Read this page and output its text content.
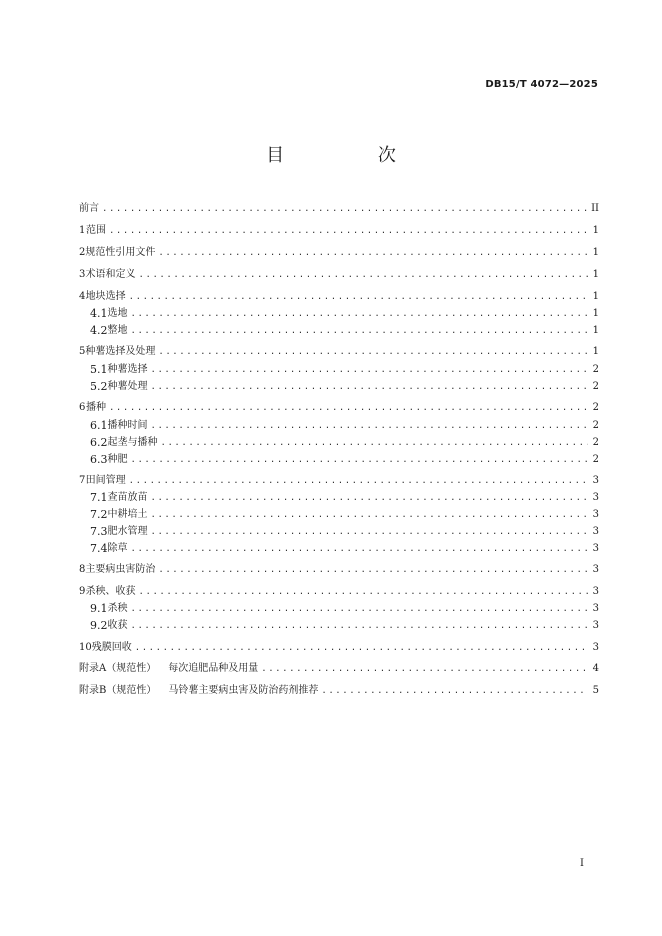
DB15/T 4072—2025
目 次
前言 .....	II
1 范围 .....	1
2 规范性引用文件 .....	1
3 术语和定义 .....	1
4 地块选择 .....	1
4.1 选地 .....	1
4.2 整地 .....	1
5 种薯选择及处理 .....	1
5.1 种薯选择 .....	2
5.2 种薯处理 .....	2
6 播种 .....	2
6.1 播种时间 .....	2
6.2 起垄与播种 .....	2
6.3 种肥 .....	2
7 田间管理 .....	3
7.1 查苗放苗 .....	3
7.2 中耕培土 .....	3
7.3 肥水管理 .....	3
7.4 除草 .....	3
8 主要病虫害防治 .....	3
9 杀秧、收获 .....	3
9.1 杀秧 .....	3
9.2 收获 .....	3
10 残膜回收 .....	3
附录A（规范性） 每次追肥品种及用量 .....	4
附录B（规范性） 马铃薯主要病虫害及防治药剂推荐 .....	5
I
